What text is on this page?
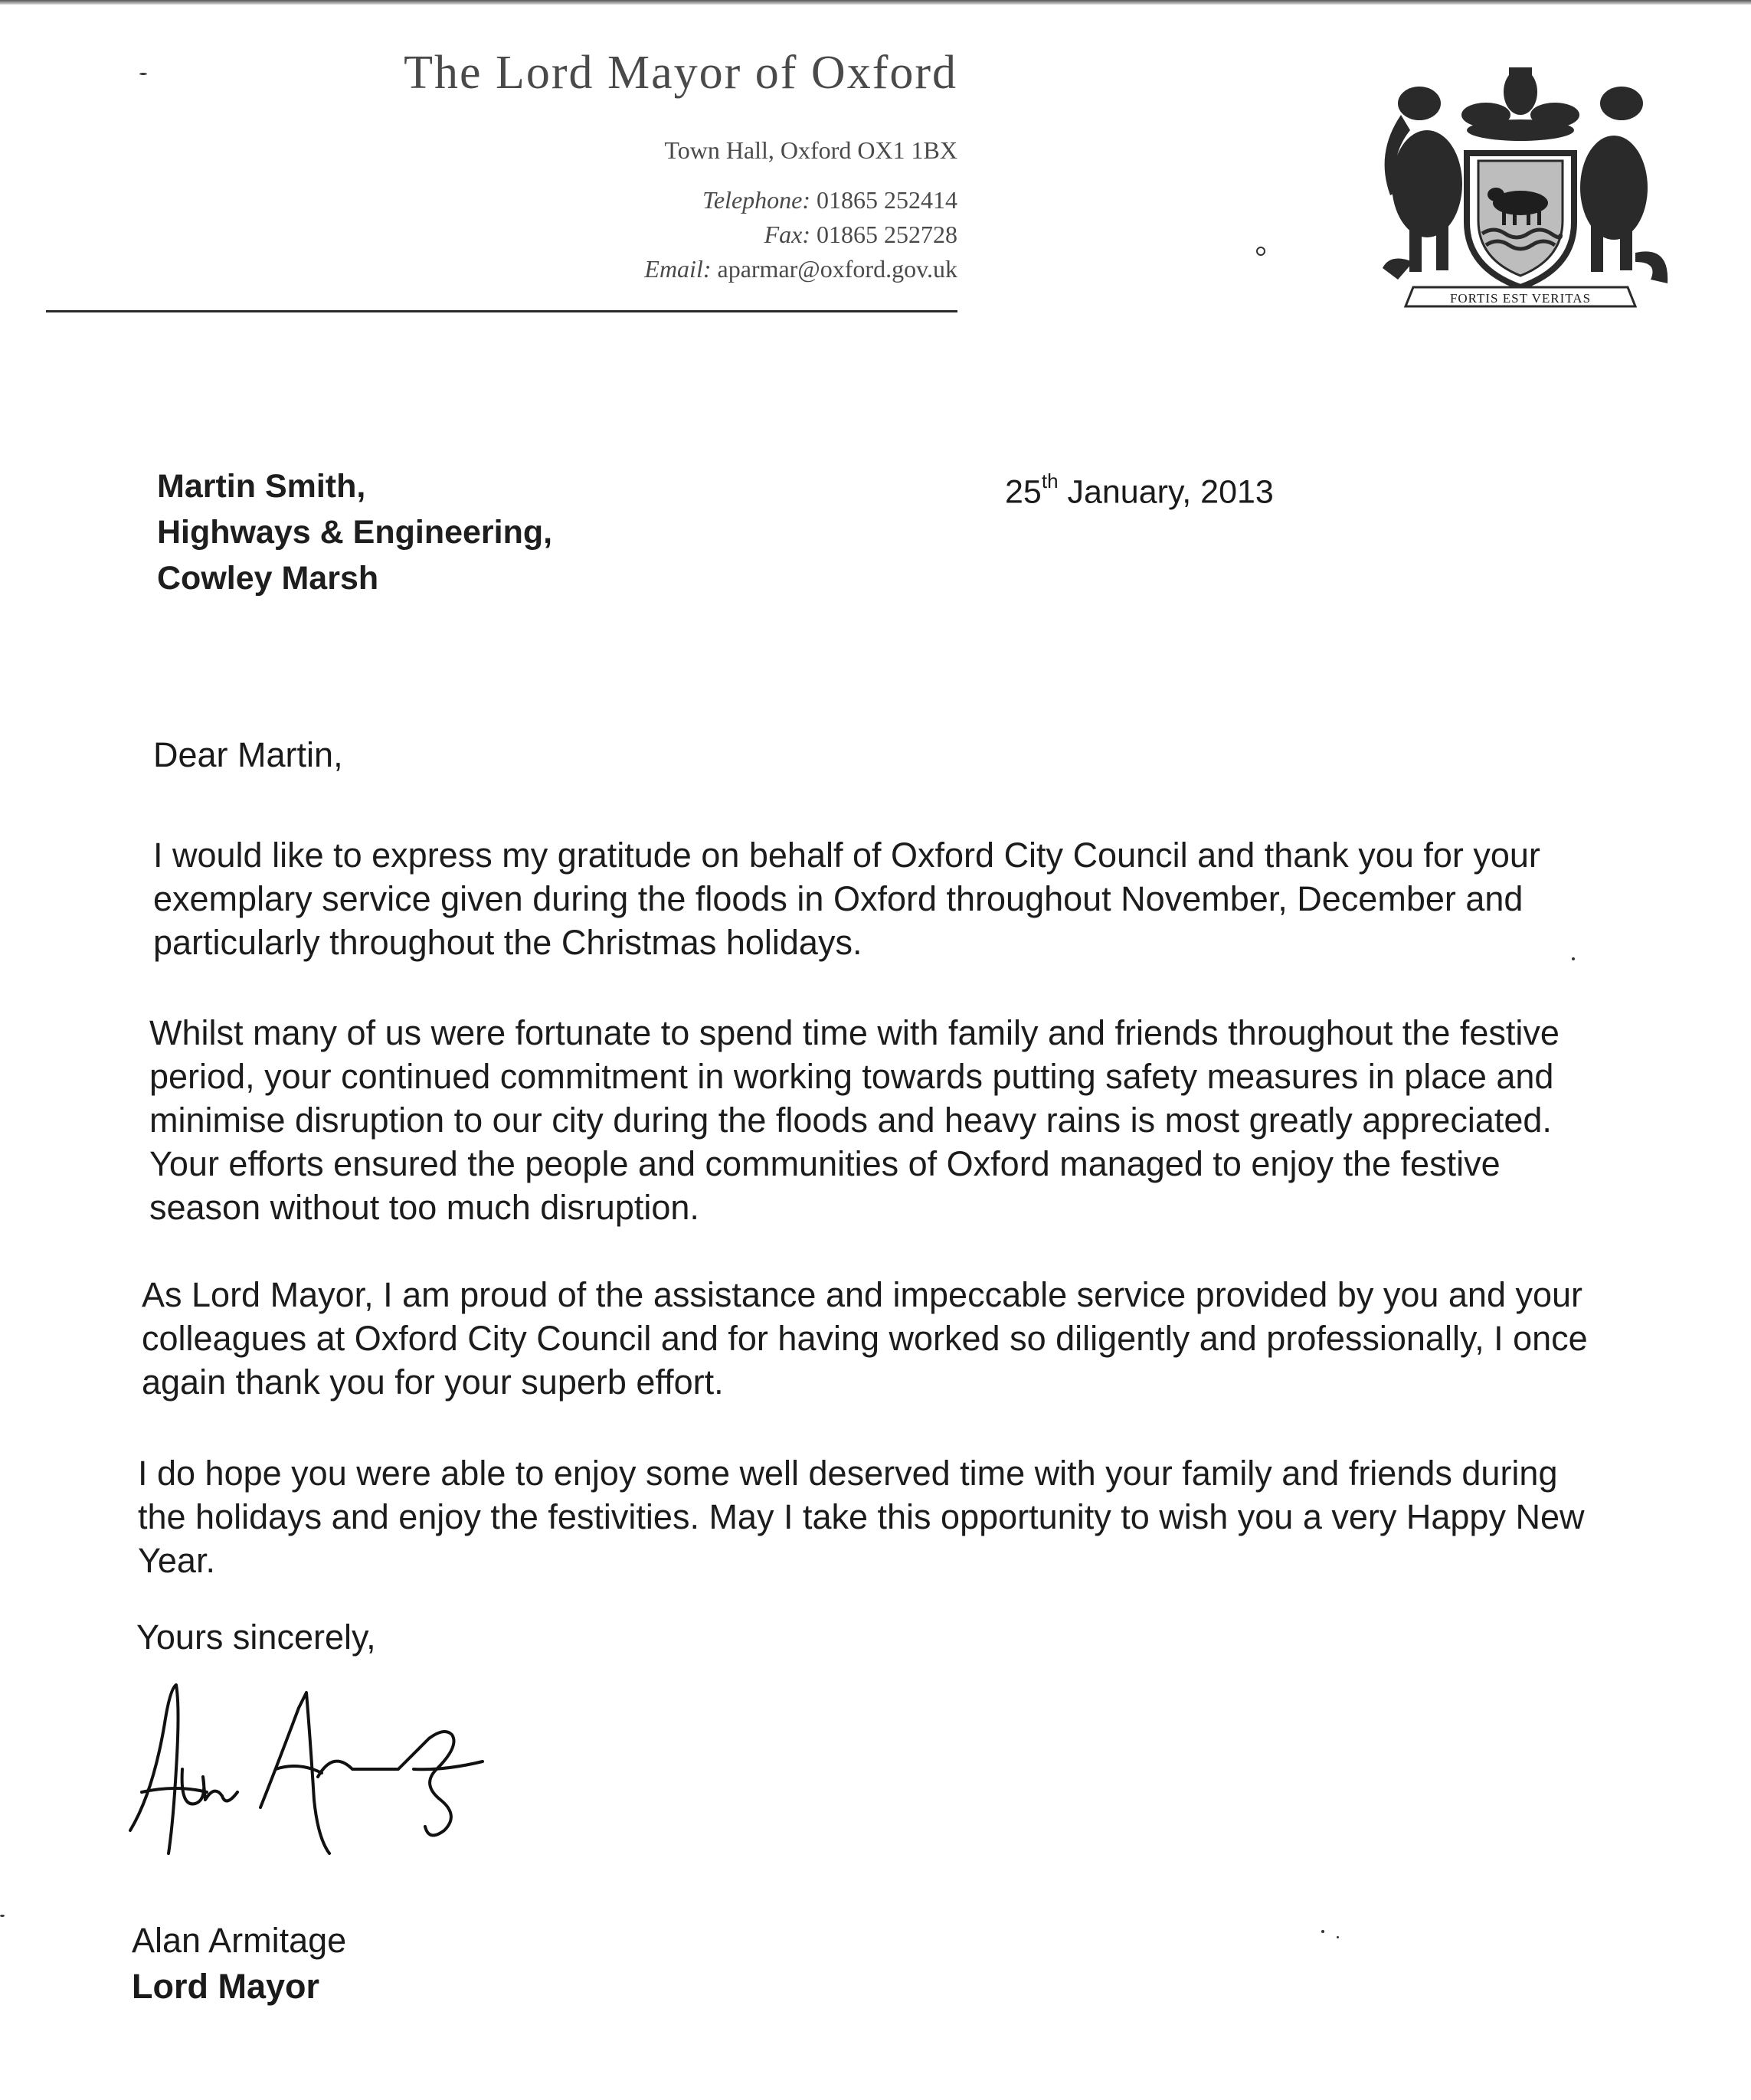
The Lord Mayor of Oxford
Town Hall, Oxford OX1 1BX
Telephone: 01865 252414
Fax: 01865 252728
Email: aparmar@oxford.gov.uk
FORTIS EST VERITAS
Martin Smith,
Highways & Engineering,
Cowley Marsh
25th January, 2013
Dear Martin,

I would like to express my gratitude on behalf of Oxford City Council and thank you for your exemplary service given during the floods in Oxford throughout November, December and particularly throughout the Christmas holidays.

Whilst many of us were fortunate to spend time with family and friends throughout the festive period, your continued commitment in working towards putting safety measures in place and minimise disruption to our city during the floods and heavy rains is most greatly appreciated. Your efforts ensured the people and communities of Oxford managed to enjoy the festive season without too much disruption.

As Lord Mayor, I am proud of the assistance and impeccable service provided by you and your colleagues at Oxford City Council and for having worked so diligently and professionally, I once again thank you for your superb effort.

I do hope you were able to enjoy some well deserved time with your family and friends during the holidays and enjoy the festivities. May I take this opportunity to wish you a very Happy New Year.

Yours sincerely,
Alan Armitage
Lord Mayor
